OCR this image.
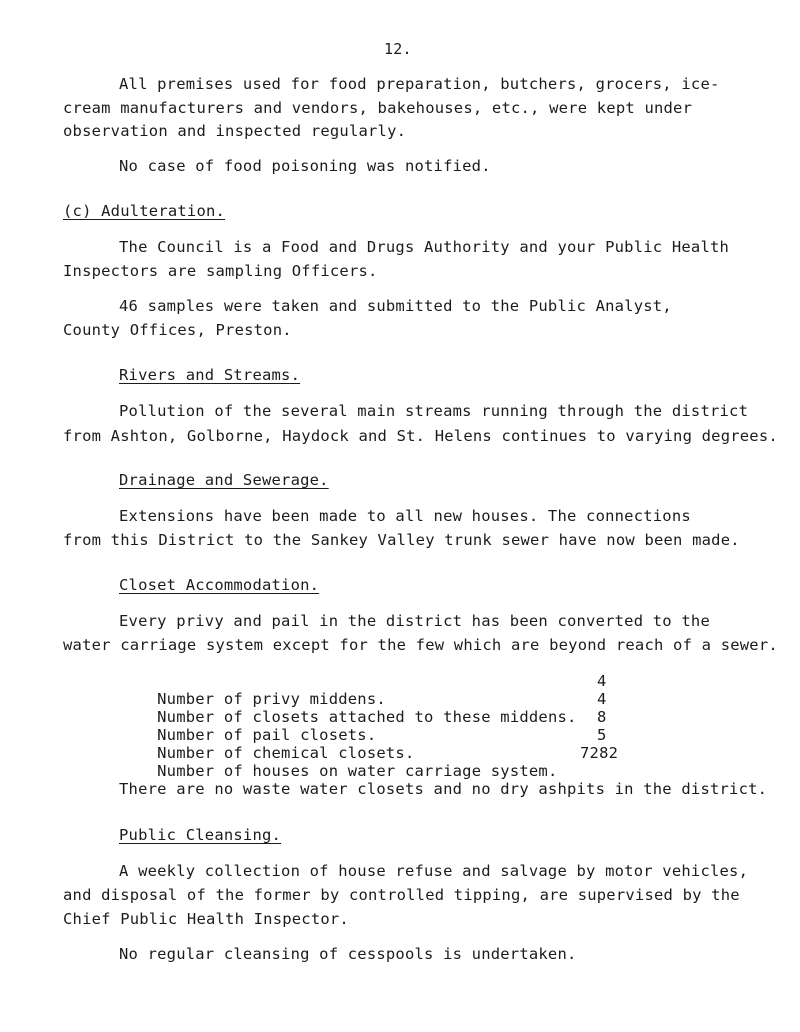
12.
All premises used for food preparation, butchers, grocers, ice-
cream manufacturers and vendors, bakehouses, etc., were kept under
observation and inspected regularly.
No case of food poisoning was notified.
(c) Adulteration.
The Council is a Food and Drugs Authority and your Public Health
Inspectors are sampling Officers.
46 samples were taken and submitted to the Public Analyst,
County Offices, Preston.
Rivers and Streams.
Pollution of the several main streams running through the district
from Ashton, Golborne, Haydock and St. Helens continues to varying degrees.
Drainage and Sewerage.
Extensions have been made to all new houses. The connections
from this District to the Sankey Valley trunk sewer have now been made.
Closet Accommodation.
Every privy and pail in the district has been converted to the
water carriage system except for the few which are beyond reach of a sewer.

Number of privy middens.

4

Number of closets attached to these middens.

4

Number of pail closets.

8

Number of chemical closets.

5

Number of houses on water carriage system.

7282
There are no waste water closets and no dry ashpits in the district.
Public Cleansing.
A weekly collection of house refuse and salvage by motor vehicles,
and disposal of the former by controlled tipping, are supervised by the
Chief Public Health Inspector.
No regular cleansing of cesspools is undertaken.
